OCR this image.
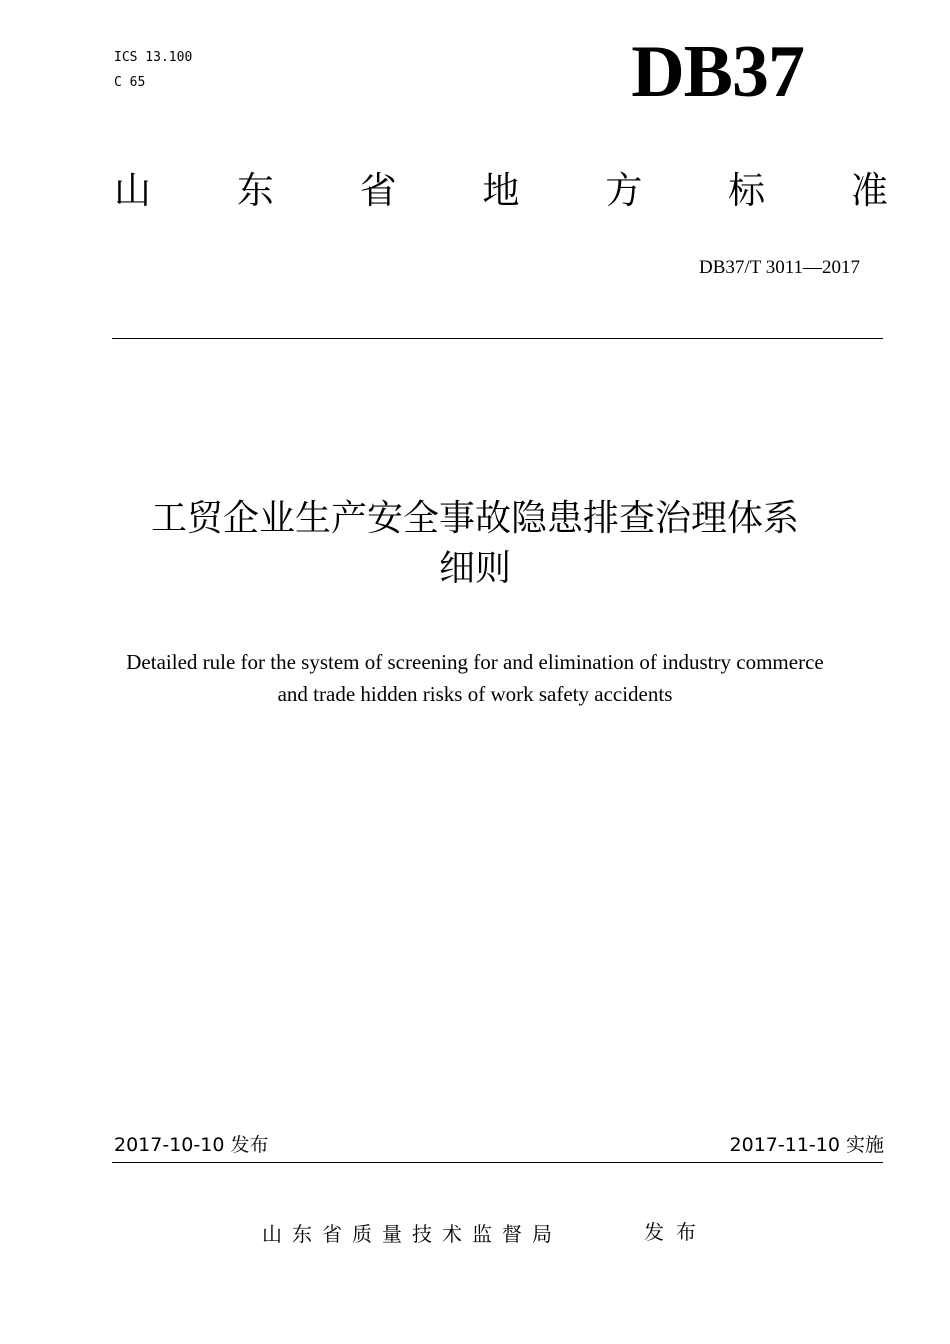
ICS 13.100
C 65	DB37
山 东 省 地 方 标 准
DB37/T 3011—2017
工贸企业生产安全事故隐患排查治理体系
细则
Detailed rule for the system of screening for and elimination of industry commerce
and trade hidden risks of work safety accidents
2017-10-10 发布	2017-11-10 实施
山东省质量技术监督局	发布
